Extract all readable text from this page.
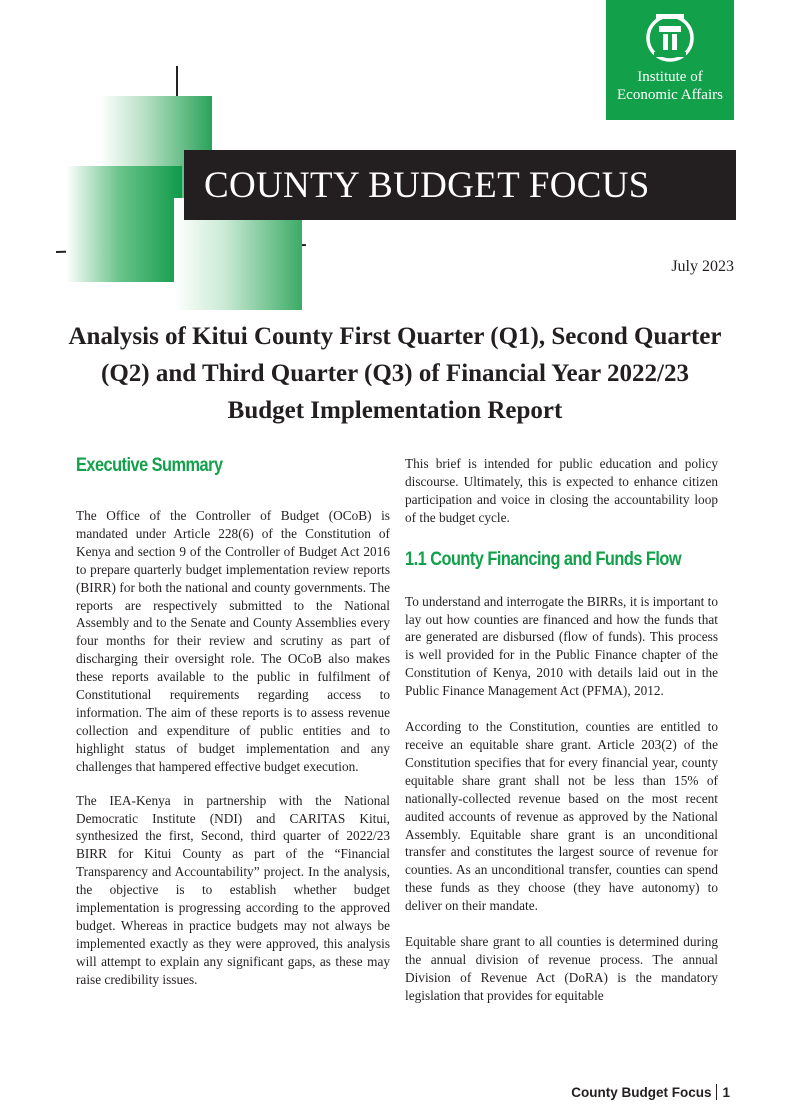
Institute of
Economic Affairs
COUNTY BUDGET FOCUS
July 2023
Analysis of Kitui County First Quarter (Q1), Second Quarter (Q2) and Third Quarter (Q3) of Financial Year 2022/23 Budget Implementation Report
Executive Summary

The Office of the Controller of Budget (OCoB) is mandated under Article 228(6) of the Constitution of Kenya and section 9 of the Controller of Budget Act 2016 to prepare quarterly budget implementation review reports (BIRR) for both the national and county governments. The reports are respectively submitted to the National Assembly and to the Senate and County Assemblies every four months for their review and scrutiny as part of discharging their oversight role. The OCoB also makes these reports available to the public in fulfilment of Constitutional requirements regarding access to information. The aim of these reports is to assess revenue collection and expenditure of public entities and to highlight status of budget implementation and any challenges that hampered effective budget execution.

The IEA-Kenya in partnership with the National Democratic Institute (NDI) and CARITAS Kitui, synthesized the first, Second, third quarter of 2022/23 BIRR for Kitui County as part of the “Financial Transparency and Accountability” project. In the analysis, the objective is to establish whether budget implementation is progressing according to the approved budget. Whereas in practice budgets may not always be implemented exactly as they were approved, this analysis will attempt to explain any significant gaps, as these may raise credibility issues.

This brief is intended for public education and policy discourse. Ultimately, this is expected to enhance citizen participation and voice in closing the accountability loop of the budget cycle.

1.1 County Financing and Funds Flow

To understand and interrogate the BIRRs, it is important to lay out how counties are financed and how the funds that are generated are disbursed (flow of funds). This process is well provided for in the Public Finance chapter of the Constitution of Kenya, 2010 with details laid out in the Public Finance Management Act (PFMA), 2012.

According to the Constitution, counties are entitled to receive an equitable share grant. Article 203(2) of the Constitution specifies that for every financial year, county equitable share grant shall not be less than 15% of nationally-collected revenue based on the most recent audited accounts of revenue as approved by the National Assembly. Equitable share grant is an unconditional transfer and constitutes the largest source of revenue for counties. As an unconditional transfer, counties can spend these funds as they choose (they have autonomy) to deliver on their mandate.

Equitable share grant to all counties is determined during the annual division of revenue process. The annual Division of Revenue Act (DoRA) is the mandatory legislation that provides for equitable

County Budget Focus 1
